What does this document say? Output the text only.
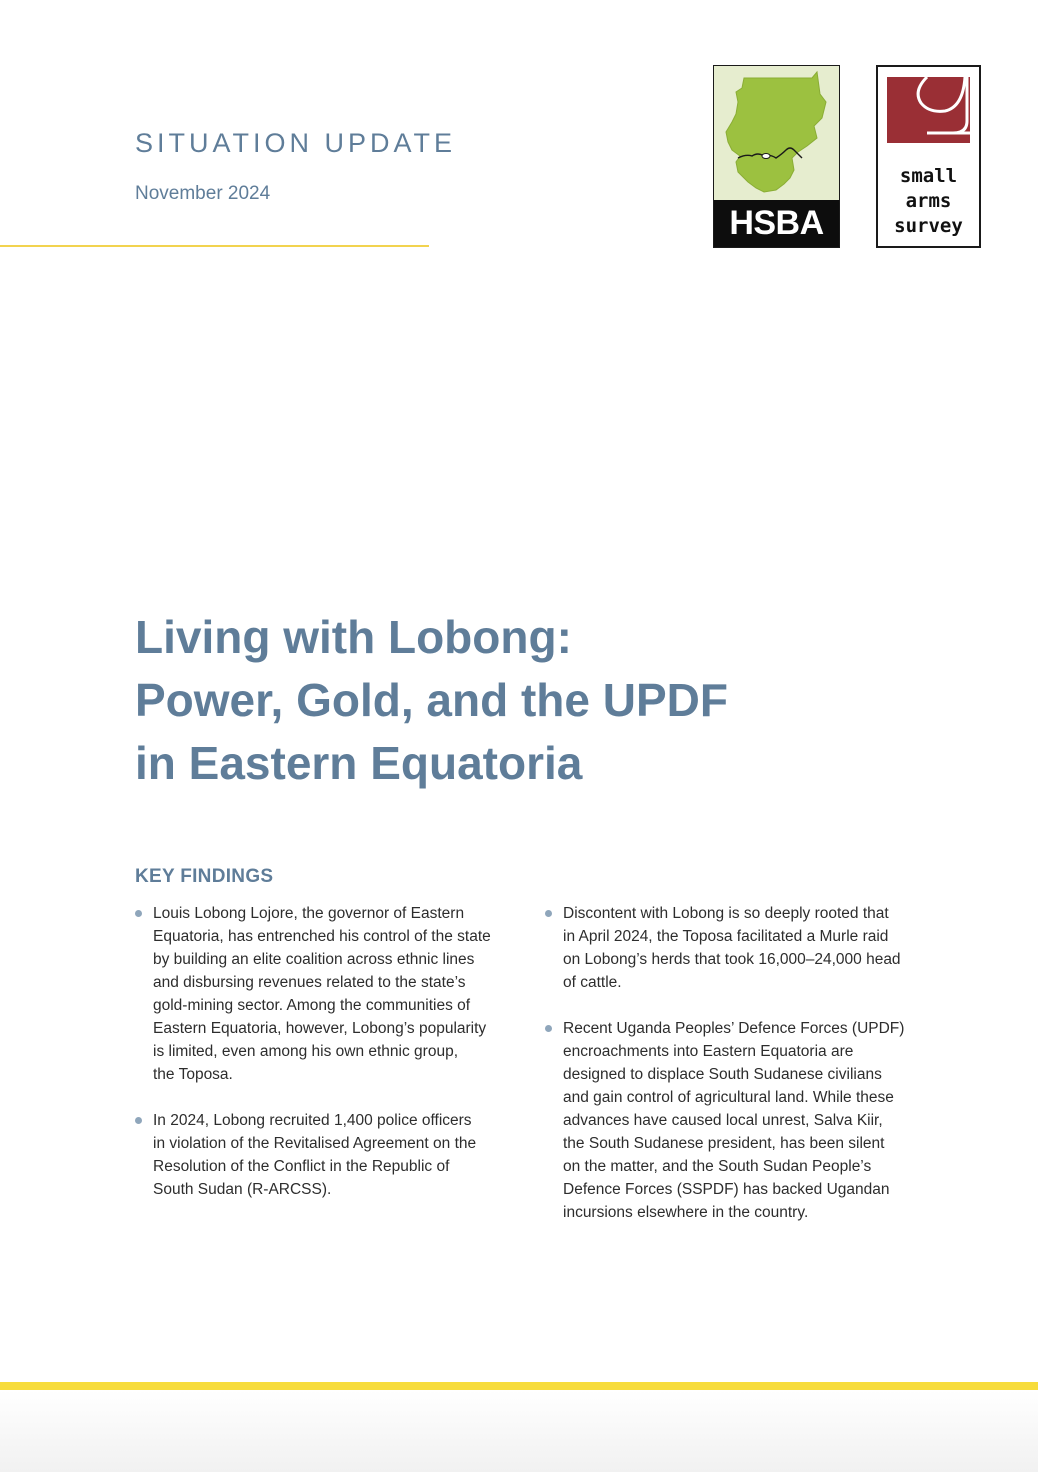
SITUATION UPDATE
November 2024
HSBA
small
arms
survey
Living with Lobong:
Power, Gold, and the UPDF
in Eastern Equatoria
KEY FINDINGS
Louis Lobong Lojore, the governor of Eastern
Equatoria, has entrenched his control of the state
by building an elite coalition across ethnic lines
and disbursing revenues related to the state’s
gold-mining sector. Among the communities of
Eastern Equatoria, however, Lobong’s popularity
is limited, even among his own ethnic group,
the Toposa.
In 2024, Lobong recruited 1,400 police officers
in violation of the Revitalised Agreement on the
Resolution of the Conflict in the Republic of
South Sudan (R-ARCSS).
Discontent with Lobong is so deeply rooted that
in April 2024, the Toposa facilitated a Murle raid
on Lobong’s herds that took 16,000–24,000 head
of cattle.
Recent Uganda Peoples’ Defence Forces (UPDF)
encroachments into Eastern Equatoria are
designed to displace South Sudanese civilians
and gain control of agricultural land. While these
advances have caused local unrest, Salva Kiir,
the South Sudanese president, has been silent
on the matter, and the South Sudan People’s
Defence Forces (SSPDF) has backed Ugandan
incursions elsewhere in the country.
